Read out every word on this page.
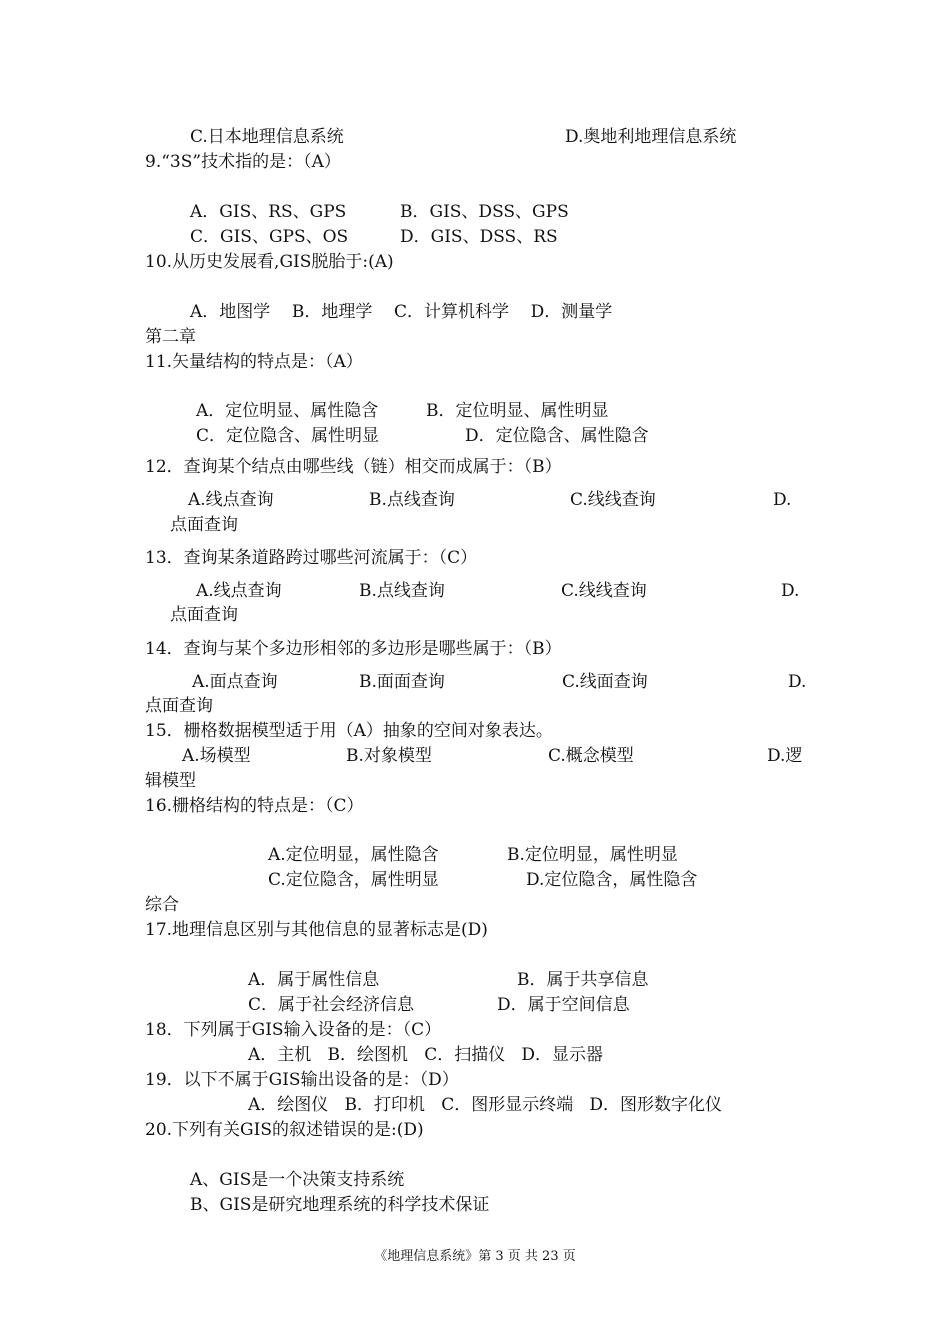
C.日本地理信息系统	D.奥地利地理信息系统
9.“3S”技术指的是：（A）
A．GIS、RS、GPS	B．GIS、DSS、GPS
C．GIS、GPS、OS	D．GIS、DSS、RS
10.从历史发展看,GIS脱胎于:(A)
A．地图学    B．地理学    C．计算机科学    D．测量学
第二章
11.矢量结构的特点是：（A）
A．定位明显、属性隐含	B．定位明显、属性明显
C．定位隐含、属性明显	D．定位隐含、属性隐含
12．查询某个结点由哪些线（链）相交而成属于：（B）
A.线点查询	B.点线查询	C.线线查询	D.
点面查询
13．查询某条道路跨过哪些河流属于：（C）
A.线点查询	B.点线查询	C.线线查询	D.
点面查询
14．查询与某个多边形相邻的多边形是哪些属于：（B）
A.面点查询	B.面面查询	C.线面查询	D.
点面查询
15．栅格数据模型适于用（A）抽象的空间对象表达。
A.场模型	B.对象模型	C.概念模型	D.逻
辑模型
16.栅格结构的特点是：（C）
A.定位明显，属性隐含	B.定位明显，属性明显
C.定位隐含，属性明显	D.定位隐含，属性隐含
综合
17.地理信息区别与其他信息的显著标志是(D)
A．属于属性信息	B．属于共享信息
C．属于社会经济信息	D．属于空间信息
18．下列属于GIS输入设备的是：（C）
A．主机   B．绘图机   C．扫描仪   D．显示器
19．以下不属于GIS输出设备的是：（D）
A．绘图仪   B．打印机   C．图形显示终端   D．图形数字化仪
20.下列有关GIS的叙述错误的是:(D)
A、GIS是一个决策支持系统
B、GIS是研究地理系统的科学技术保证
《地理信息系统》第 3 页 共 23 页
